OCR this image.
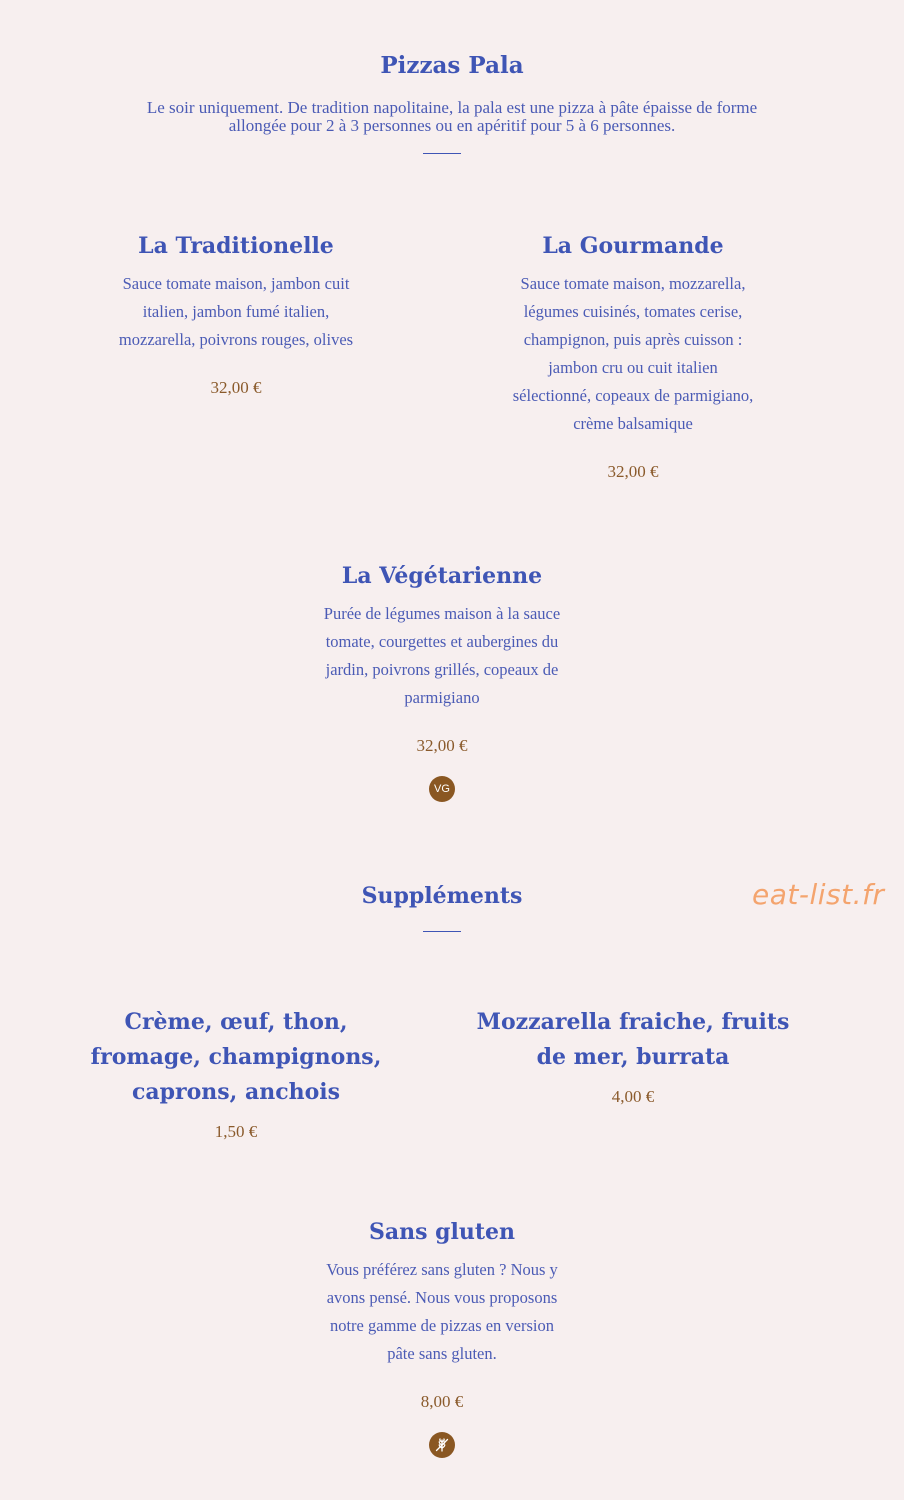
Pizzas Pala
Le soir uniquement. De tradition napolitaine, la pala est une pizza à pâte épaisse de forme
allongée pour 2 à 3 personnes ou en apéritif pour 5 à 6 personnes.
La Traditionelle
Sauce tomate maison, jambon cuit
italien, jambon fumé italien,
mozzarella, poivrons rouges, olives
32,00 €
La Gourmande
Sauce tomate maison, mozzarella,
légumes cuisinés, tomates cerise,
champignon, puis après cuisson :
jambon cru ou cuit italien
sélectionné, copeaux de parmigiano,
crème balsamique
32,00 €
La Végétarienne
Purée de légumes maison à la sauce
tomate, courgettes et aubergines du
jardin, poivrons grillés, copeaux de
parmigiano
32,00 €
VG
Suppléments	eat-list.fr
Crème, œuf, thon,
fromage, champignons,
caprons, anchois
1,50 €
Mozzarella fraiche, fruits
de mer, burrata
4,00 €
Sans gluten
Vous préférez sans gluten ? Nous y
avons pensé. Nous vous proposons
notre gamme de pizzas en version
pâte sans gluten.
8,00 €
